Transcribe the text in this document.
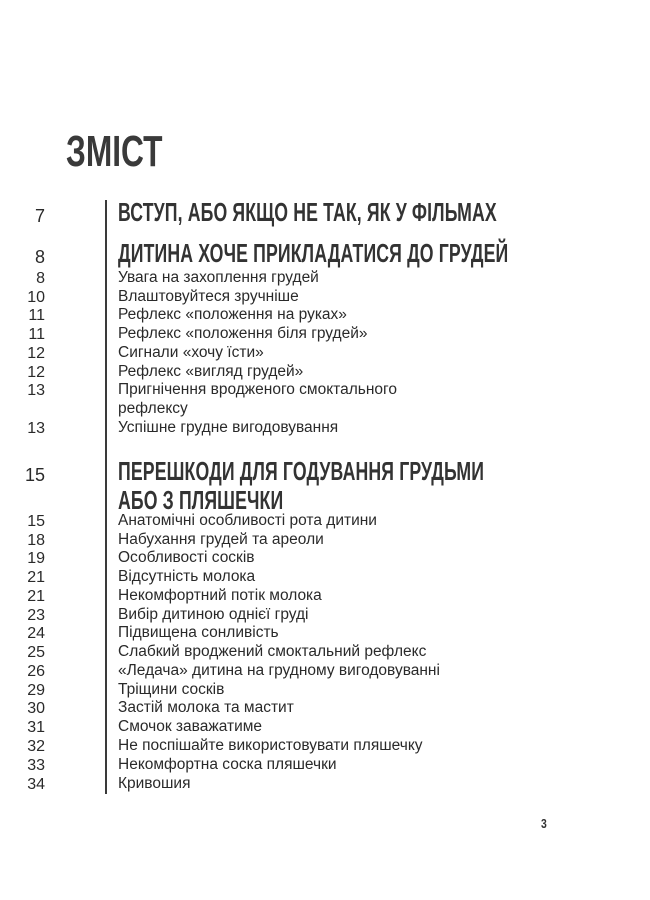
ЗМІСТ
7	ВСТУП, АБО ЯКЩО НЕ ТАК, ЯК У ФІЛЬМАХ
8	ДИТИНА ХОЧЕ ПРИКЛАДАТИСЯ ДО ГРУДЕЙ
8	Увага на захоплення грудей
10	Влаштовуйтеся зручніше
11	Рефлекс «положення на руках»
11	Рефлекс «положення біля грудей»
12	Сигнали «хочу їсти»
12	Рефлекс «вигляд грудей»
13	Пригнічення вродженого смоктального
рефлексу
13	Успішне грудне вигодовування
15	ПЕРЕШКОДИ ДЛЯ ГОДУВАННЯ ГРУДЬМИ
АБО З ПЛЯШЕЧКИ
15	Анатомічні особливості рота дитини
18	Набухання грудей та ареоли
19	Особливості сосків
21	Відсутність молока
21	Некомфортний потік молока
23	Вибір дитиною однієї груді
24	Підвищена сонливість
25	Слабкий вроджений смоктальний рефлекс
26	«Ледача» дитина на грудному вигодовуванні
29	Тріщини сосків
30	Застій молока та мастит
31	Смочок заважатиме
32	Не поспішайте використовувати пляшечку
33	Некомфортна соска пляшечки
34	Кривошия
3
